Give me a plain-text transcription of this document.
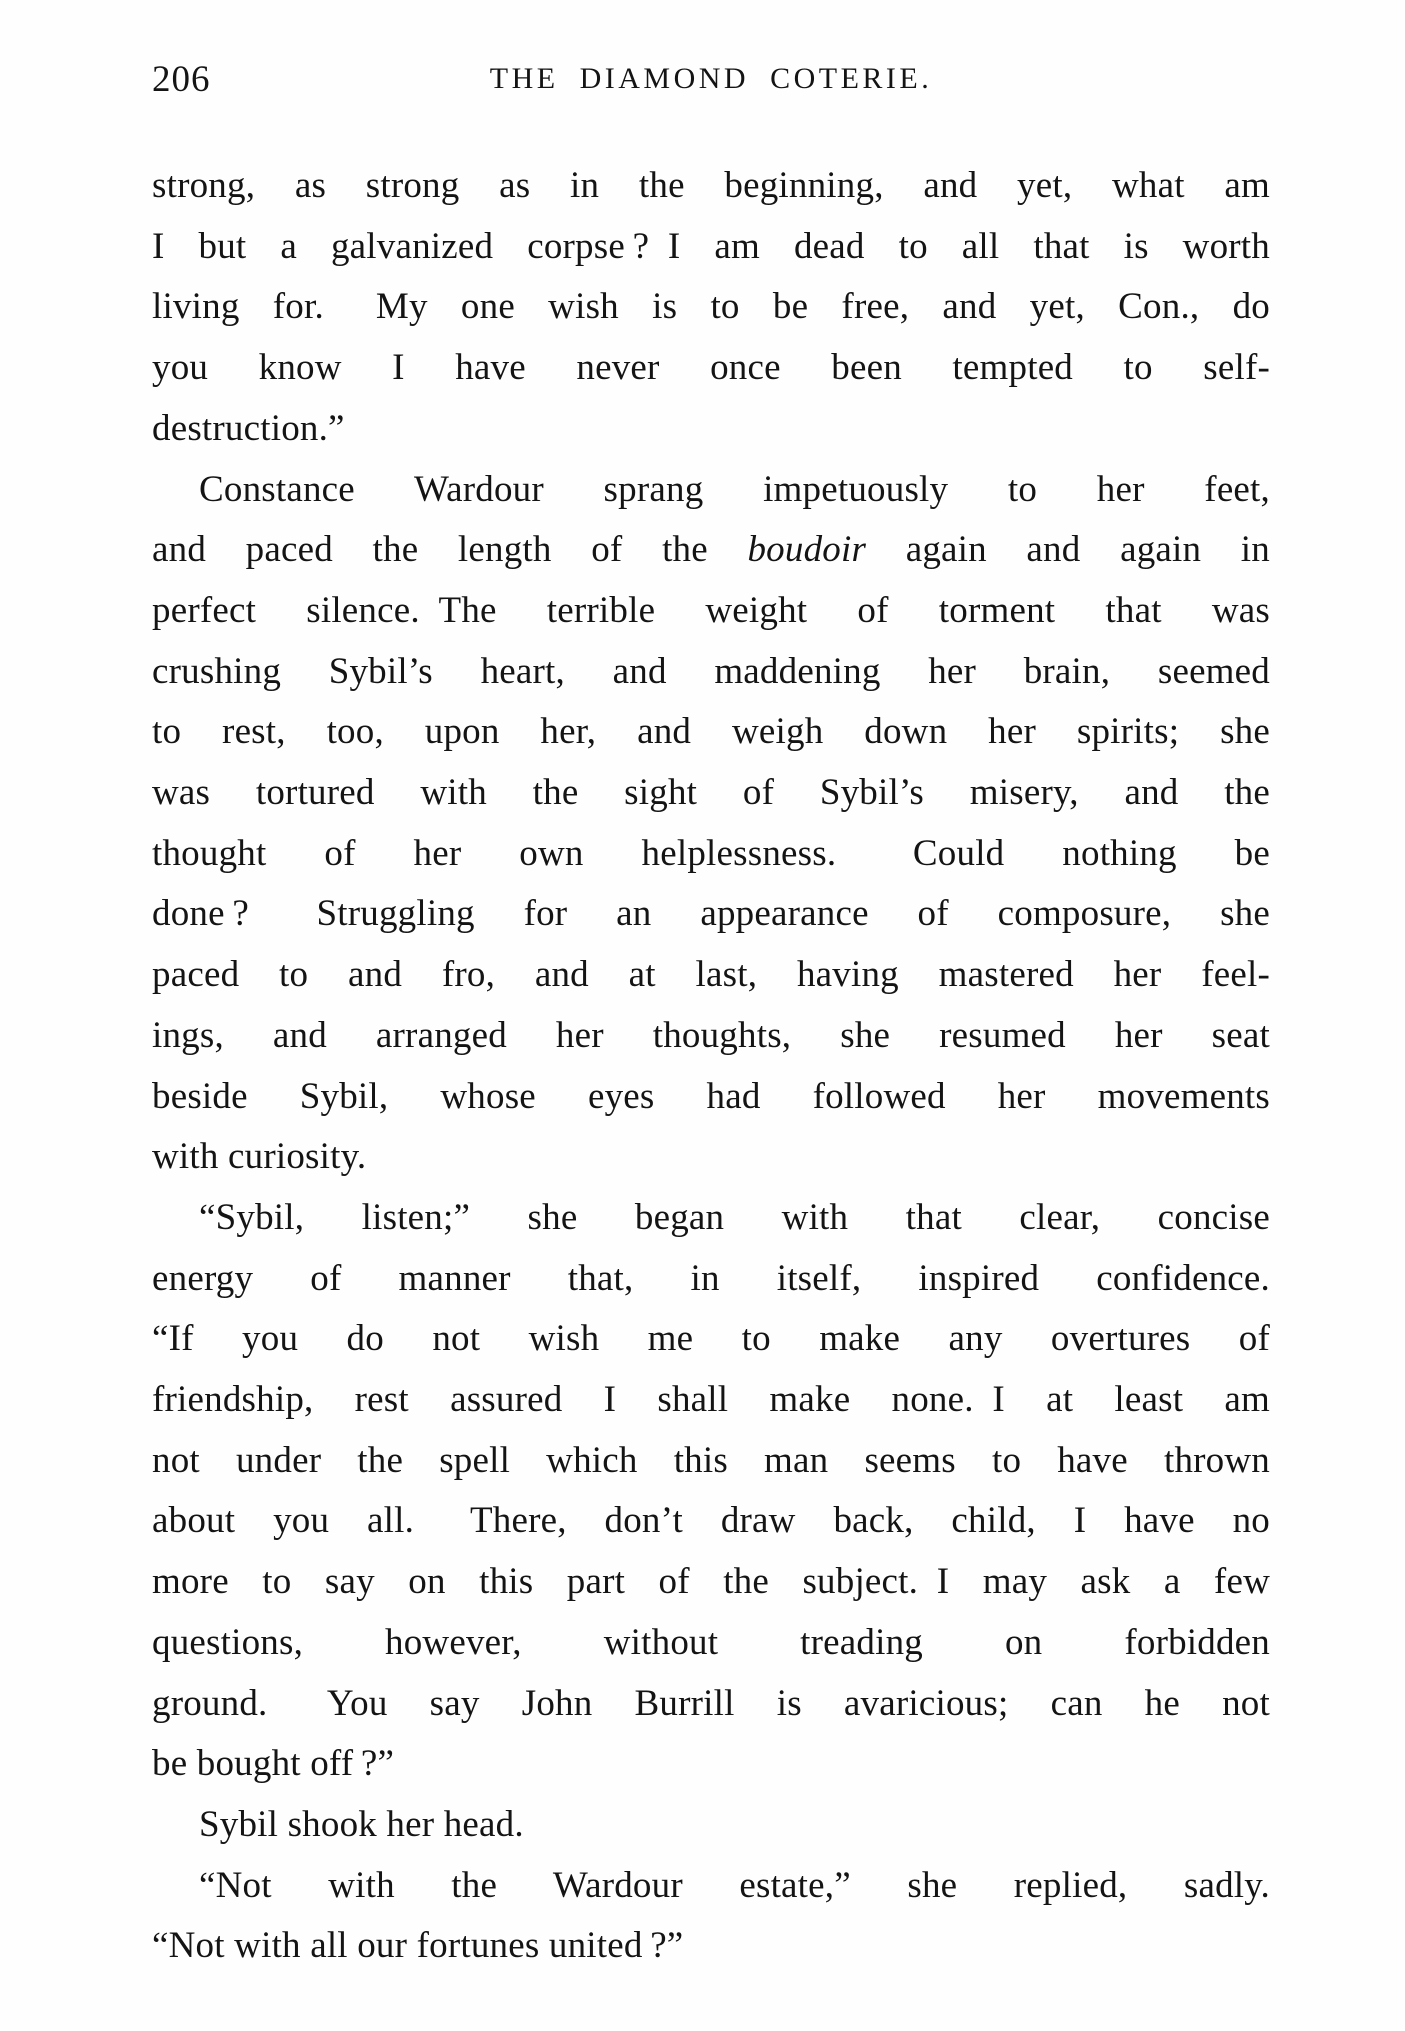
206	THE DIAMOND COTERIE.
strong, as strong as in the beginning, and yet, what am
I but a galvanized corpse ? I am dead to all that is worth
living for.  My one wish is to be free, and yet, Con., do
you know I have never once been tempted to self-
destruction.”
Constance Wardour sprang impetuously to her feet,
and paced the length of the boudoir again and again in
perfect silence. The terrible weight of torment that was
crushing Sybil’s heart, and maddening her brain, seemed
to rest, too, upon her, and weigh down her spirits; she
was tortured with the sight of Sybil’s misery, and the
thought of her own helplessness.  Could nothing be
done ?  Struggling for an appearance of composure, she
paced to and fro, and at last, having mastered her feel-
ings, and arranged her thoughts, she resumed her seat
beside Sybil, whose eyes had followed her movements
with curiosity.
“Sybil, listen;” she began with that clear, concise
energy of manner that, in itself, inspired confidence.
“If you do not wish me to make any overtures of
friendship, rest assured I shall make none. I at least am
not under the spell which this man seems to have thrown
about you all.  There, don’t draw back, child, I have no
more to say on this part of the subject. I may ask a few
questions, however, without treading on forbidden
ground.  You say John Burrill is avaricious; can he not
be bought off ?”
Sybil shook her head.
“Not with the Wardour estate,” she replied, sadly.
“Not with all our fortunes united ?”
